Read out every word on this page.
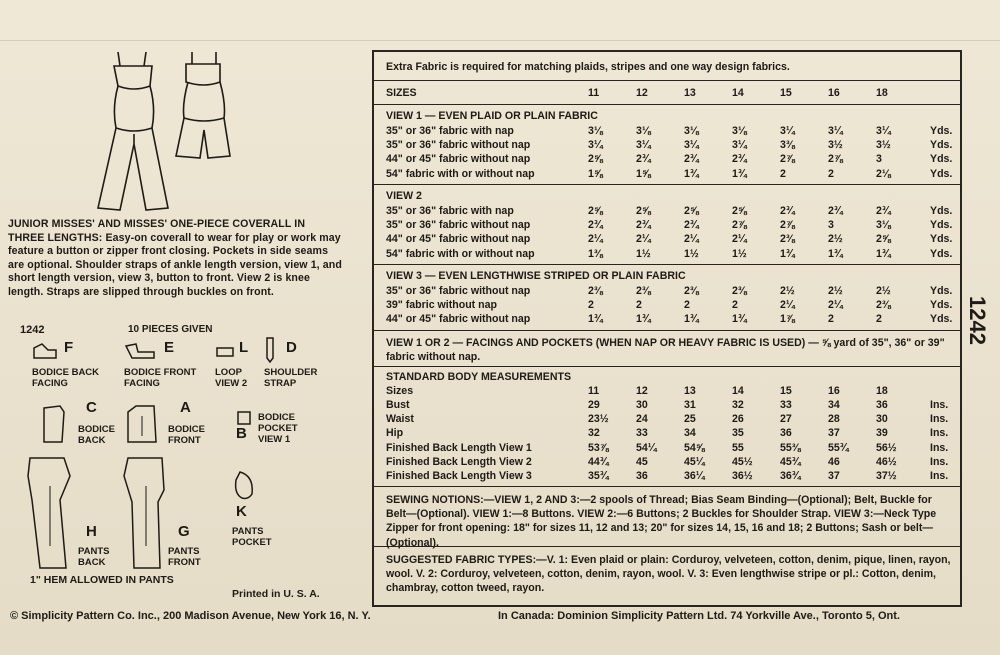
JUNIOR MISSES' AND MISSES' ONE-PIECE COVERALL IN THREE LENGTHS: Easy-on coverall to wear for play or work may feature a button or zipper front closing. Pockets in side seams are optional. Shoulder straps of ankle length version, view 1, and short length version, view 3, button to front. View 2 is knee length. Straps are slipped through buckles on front.
1242	10 PIECES GIVEN
F
BODICE BACK FACING
E
BODICE FRONT FACING
L
LOOP VIEW 2
D
SHOULDER STRAP
C
BODICE BACK
A
BODICE FRONT
BODICE POCKET VIEW 1
B
H
PANTS BACK
G
PANTS FRONT
K
PANTS POCKET
1" HEM ALLOWED IN PANTS
Printed in U. S. A.
© Simplicity Pattern Co. Inc., 200 Madison Avenue, New York 16, N. Y.	In Canada: Dominion Simplicity Pattern Ltd. 74 Yorkville Ave., Toronto 5, Ont.
1242
Extra Fabric is required for matching plaids, stripes and one way design fabrics.
SIZES	11	12	13	14	15	16	18
VIEW 1 — EVEN PLAID OR PLAIN FABRIC
35" or 36" fabric with nap	3⅛	3⅛	3⅛	3⅛	3¼	3¼	3¼	Yds.
35" or 36" fabric without nap	3¼	3¼	3¼	3¼	3⅜	3½	3½	Yds.
44" or 45" fabric without nap	2⅝	2¾	2¾	2¾	2⅞	2⅞	3	Yds.
54" fabric with or without nap	1⅝	1⅝	1¾	1¾	2	2	2⅛	Yds.
VIEW 2
35" or 36" fabric with nap	2⅝	2⅝	2⅝	2⅝	2¾	2¾	2¾	Yds.
35" or 36" fabric without nap	2¾	2¾	2¾	2⅞	2⅞	3	3⅛	Yds.
44" or 45" fabric without nap	2¼	2¼	2¼	2¼	2⅜	2½	2⅝	Yds.
54" fabric with or without nap	1⅜	1½	1½	1½	1¾	1¾	1¾	Yds.
VIEW 3 — EVEN LENGTHWISE STRIPED OR PLAIN FABRIC
35" or 36" fabric without nap	2⅜	2⅜	2⅜	2⅜	2½	2½	2½	Yds.
39" fabric without nap	2	2	2	2	2¼	2¼	2⅜	Yds.
44" or 45" fabric without nap	1¾	1¾	1¾	1¾	1⅞	2	2	Yds.
VIEW 1 OR 2 — FACINGS AND POCKETS (WHEN NAP OR HEAVY FABRIC IS USED) — ⅝ yard of 35", 36" or 39" fabric without nap.
STANDARD BODY MEASUREMENTS
Sizes	11	12	13	14	15	16	18
Bust	29	30	31	32	33	34	36	Ins.
Waist	23½	24	25	26	27	28	30	Ins.
Hip	32	33	34	35	36	37	39	Ins.
Finished Back Length View 1	53⅞	54¼	54⅝	55	55⅜	55¾	56½	Ins.
Finished Back Length View 2	44¾	45	45¼	45½	45¾	46	46½	Ins.
Finished Back Length View 3	35¾	36	36¼	36½	36¾	37	37½	Ins.
SEWING NOTIONS:—VIEW 1, 2 AND 3:—2 spools of Thread; Bias Seam Binding—(Optional); Belt, Buckle for Belt—(Optional). VIEW 1:—8 Buttons. VIEW 2:—6 Buttons; 2 Buckles for Shoulder Strap. VIEW 3:—Neck Type Zipper for front opening: 18" for sizes 11, 12 and 13; 20" for sizes 14, 15, 16 and 18; 2 Buttons; Sash or belt—(Optional).
SUGGESTED FABRIC TYPES:—V. 1: Even plaid or plain: Corduroy, velveteen, cotton, denim, pique, linen, rayon, wool. V. 2: Corduroy, velveteen, cotton, denim, rayon, wool. V. 3: Even lengthwise stripe or pl.: Cotton, denim, chambray, cotton tweed, rayon.
